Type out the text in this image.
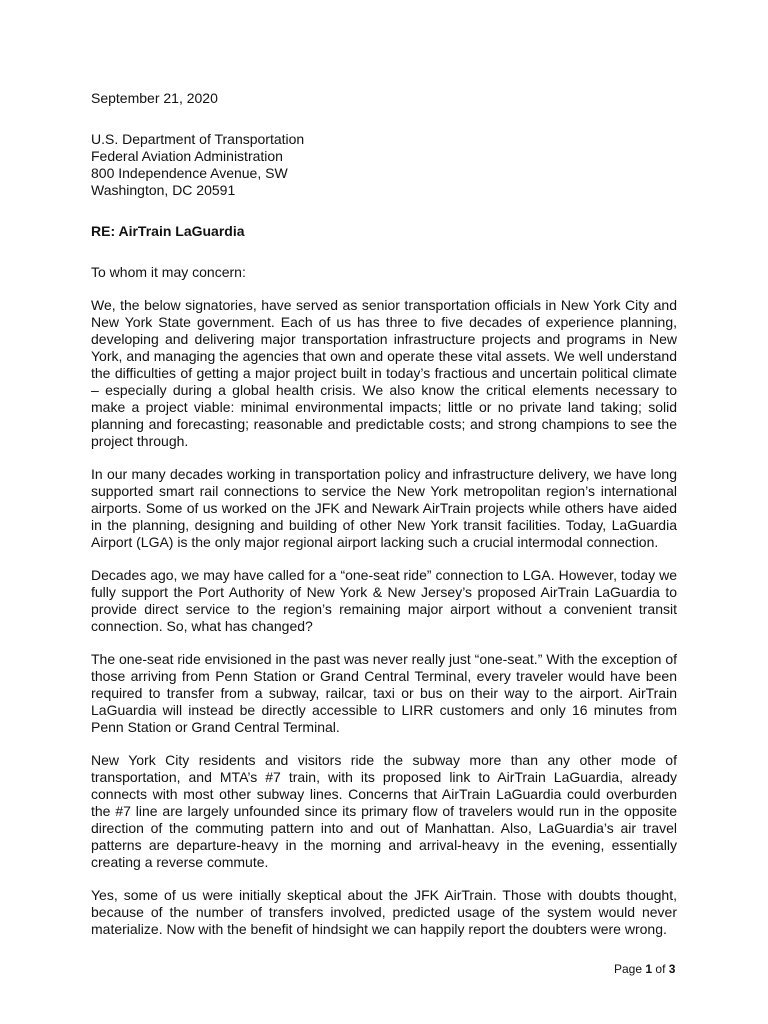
September 21, 2020
U.S. Department of Transportation
Federal Aviation Administration
800 Independence Avenue, SW
Washington, DC 20591
RE: AirTrain LaGuardia
To whom it may concern:

We, the below signatories, have served as senior transportation officials in New York City and New York State government. Each of us has three to five decades of experience planning, developing and delivering major transportation infrastructure projects and programs in New York, and managing the agencies that own and operate these vital assets. We well understand the difficulties of getting a major project built in today’s fractious and uncertain political climate – especially during a global health crisis. We also know the critical elements necessary to make a project viable: minimal environmental impacts; little or no private land taking; solid planning and forecasting; reasonable and predictable costs; and strong champions to see the project through.

In our many decades working in transportation policy and infrastructure delivery, we have long supported smart rail connections to service the New York metropolitan region’s international airports. Some of us worked on the JFK and Newark AirTrain projects while others have aided in the planning, designing and building of other New York transit facilities. Today, LaGuardia Airport (LGA) is the only major regional airport lacking such a crucial intermodal connection.

Decades ago, we may have called for a “one-seat ride” connection to LGA. However, today we fully support the Port Authority of New York & New Jersey’s proposed AirTrain LaGuardia to provide direct service to the region’s remaining major airport without a convenient transit connection. So, what has changed?

The one-seat ride envisioned in the past was never really just “one-seat.” With the exception of those arriving from Penn Station or Grand Central Terminal, every traveler would have been required to transfer from a subway, railcar, taxi or bus on their way to the airport. AirTrain LaGuardia will instead be directly accessible to LIRR customers and only 16 minutes from Penn Station or Grand Central Terminal.

New York City residents and visitors ride the subway more than any other mode of transportation, and MTA’s #7 train, with its proposed link to AirTrain LaGuardia, already connects with most other subway lines. Concerns that AirTrain LaGuardia could overburden the #7 line are largely unfounded since its primary flow of travelers would run in the opposite direction of the commuting pattern into and out of Manhattan. Also, LaGuardia’s air travel patterns are departure-heavy in the morning and arrival-heavy in the evening, essentially creating a reverse commute.

Yes, some of us were initially skeptical about the JFK AirTrain. Those with doubts thought, because of the number of transfers involved, predicted usage of the system would never materialize. Now with the benefit of hindsight we can happily report the doubters were wrong.

Page 1 of 3
